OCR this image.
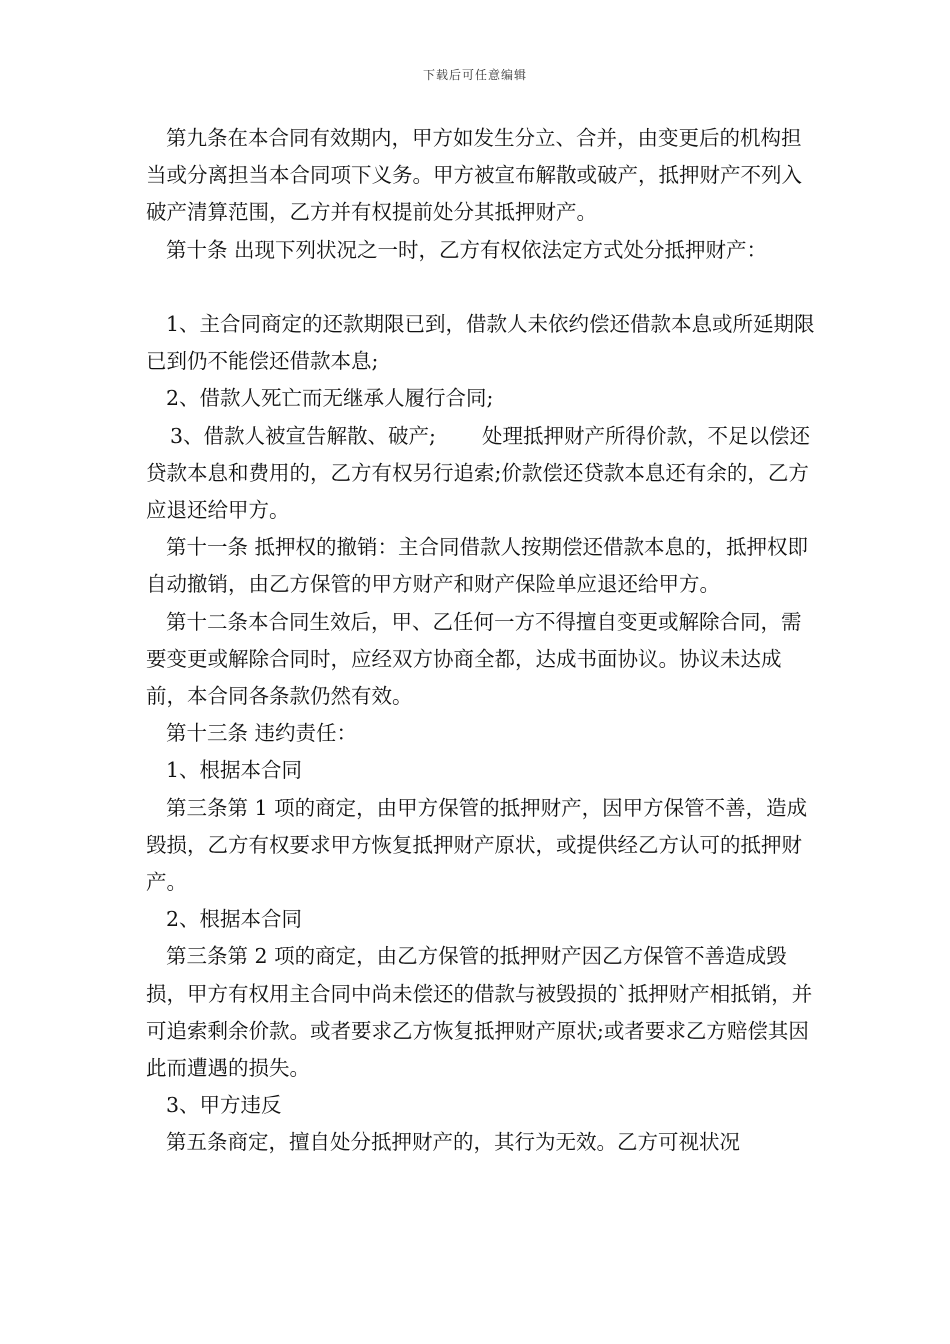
下载后可任意编辑

第九条在本合同有效期内，甲方如发生分立、合并，由变更后的机构担当或分离担当本合同项下义务。甲方被宣布解散或破产，抵押财产不列入破产清算范围，乙方并有权提前处分其抵押财产。

第十条 出现下列状况之一时，乙方有权依法定方式处分抵押财产：

1、主合同商定的还款期限已到，借款人未依约偿还借款本息或所延期限已到仍不能偿还借款本息;

2、借款人死亡而无继承人履行合同;

3、借款人被宣告解散、破产; 处理抵押财产所得价款，不足以偿还贷款本息和费用的，乙方有权另行追索;价款偿还贷款本息还有余的，乙方应退还给甲方。

第十一条 抵押权的撤销：主合同借款人按期偿还借款本息的，抵押权即自动撤销，由乙方保管的甲方财产和财产保险单应退还给甲方。

第十二条本合同生效后，甲、乙任何一方不得擅自变更或解除合同，需要变更或解除合同时，应经双方协商全都，达成书面协议。协议未达成前，本合同各条款仍然有效。

第十三条 违约责任：

1、根据本合同

第三条第 1 项的商定，由甲方保管的抵押财产，因甲方保管不善，造成毁损，乙方有权要求甲方恢复抵押财产原状，或提供经乙方认可的抵押财产。

2、根据本合同

第三条第 2 项的商定，由乙方保管的抵押财产因乙方保管不善造成毁损，甲方有权用主合同中尚未偿还的借款与被毁损的`抵押财产相抵销，并可追索剩余价款。或者要求乙方恢复抵押财产原状;或者要求乙方赔偿其因此而遭遇的损失。

3、甲方违反

第五条商定，擅自处分抵押财产的，其行为无效。乙方可视状况
